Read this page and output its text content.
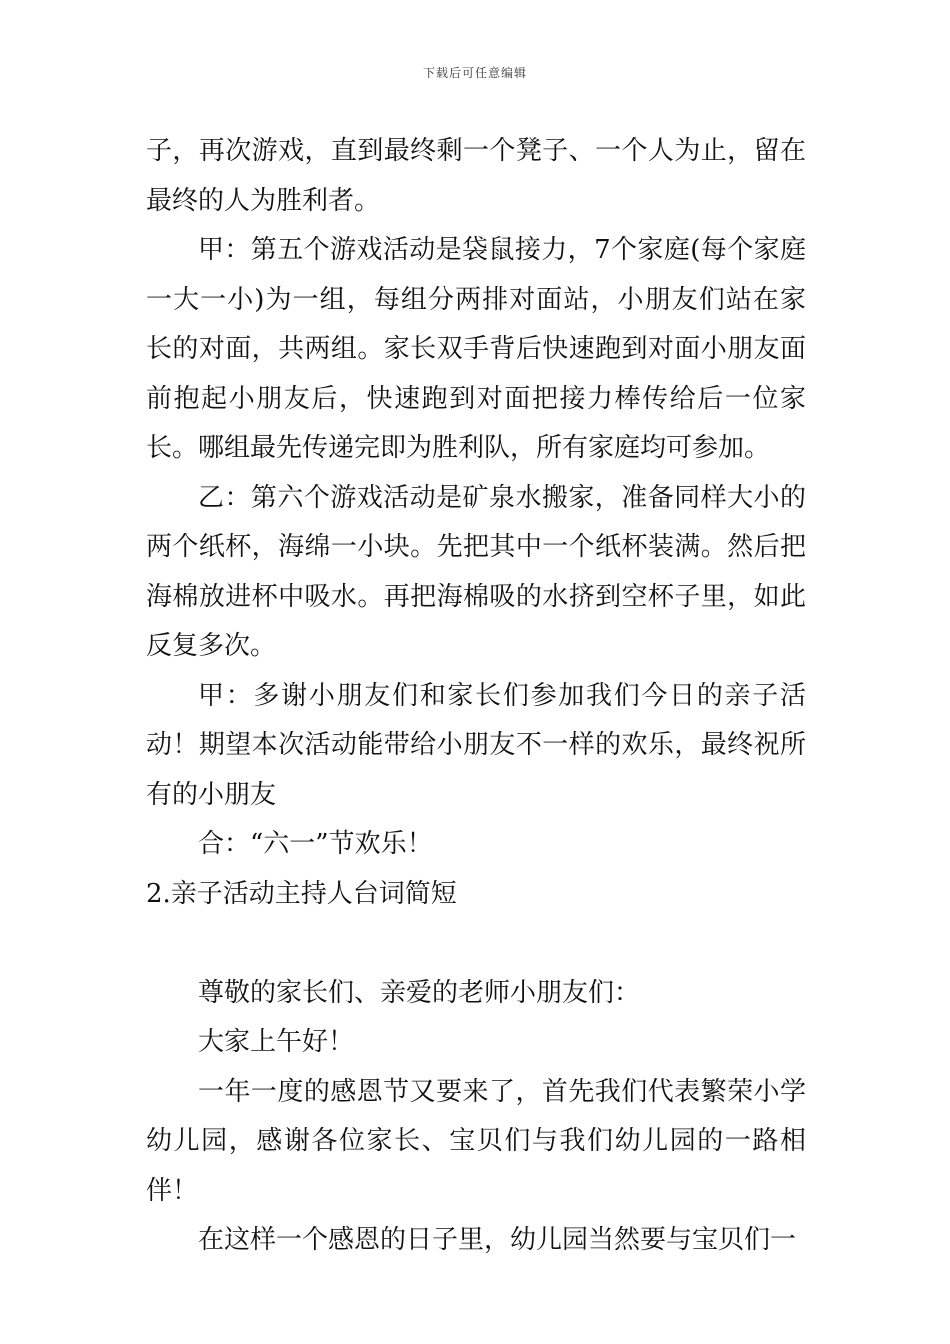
下载后可任意编辑

子，再次游戏，直到最终剩一个凳子、一个人为止，留在最终的人为胜利者。

甲：第五个游戏活动是袋鼠接力，7个家庭(每个家庭一大一小)为一组，每组分两排对面站，小朋友们站在家长的对面，共两组。家长双手背后快速跑到对面小朋友面前抱起小朋友后，快速跑到对面把接力棒传给后一位家长。哪组最先传递完即为胜利队，所有家庭均可参加。

乙：第六个游戏活动是矿泉水搬家，准备同样大小的两个纸杯，海绵一小块。先把其中一个纸杯装满。然后把海棉放进杯中吸水。再把海棉吸的水挤到空杯子里，如此反复多次。

甲：多谢小朋友们和家长们参加我们今日的亲子活动！期望本次活动能带给小朋友不一样的欢乐，最终祝所有的小朋友

合：“六一”节欢乐！

2.亲子活动主持人台词简短

尊敬的家长们、亲爱的老师小朋友们：

大家上午好！

一年一度的感恩节又要来了，首先我们代表繁荣小学幼儿园，感谢各位家长、宝贝们与我们幼儿园的一路相伴！

在这样一个感恩的日子里，幼儿园当然要与宝贝们一
